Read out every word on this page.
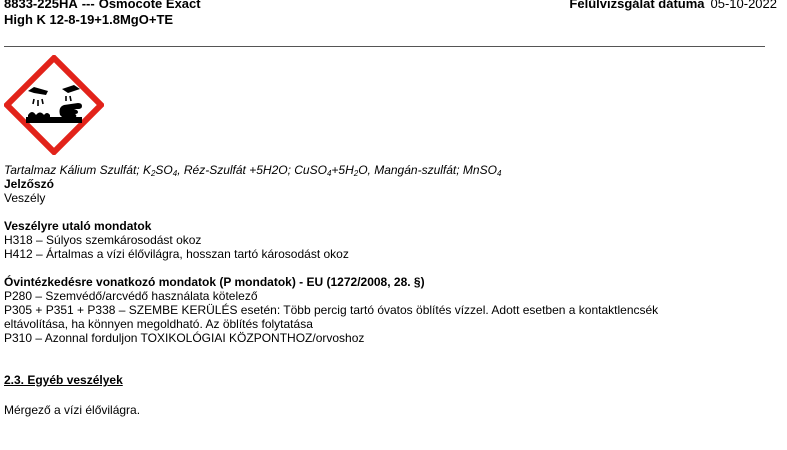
8833-225HA --- Osmocote Exact
High K 12-8-19+1.8MgO+TE
Felülvizsgálat dátuma 05-10-2022

Tartalmaz Kálium Szulfát; $K_2SO_4$, Réz-Szulfát +5H2O; $CuSO_4+5H_2O$, Mangán-szulfát; MnSO$_4$

Jelzőszó

Veszély

Veszélyre utaló mondatok

H318 – Súlyos szemkárosodást okoz

H412 – Ártalmas a vízi élővilágra, hosszan tartó károsodást okoz

Óvintézkedésre vonatkozó mondatok (P mondatok) - EU (1272/2008, 28. §)

P280 – Szemvédő/arcvédő használata kötelező

P305 + P351 + P338 – SZEMBE KERÜLÉS esetén: Több percig tartó óvatos öblítés vízzel. Adott esetben a kontaktlencsék

eltávolítása, ha könnyen megoldható. Az öblítés folytatása

P310 – Azonnal forduljon TOXIKOLÓGIAI KÖZPONTHOZ/orvoshoz

2.3. Egyéb veszélyek

Mérgező a vízi élővilágra.
